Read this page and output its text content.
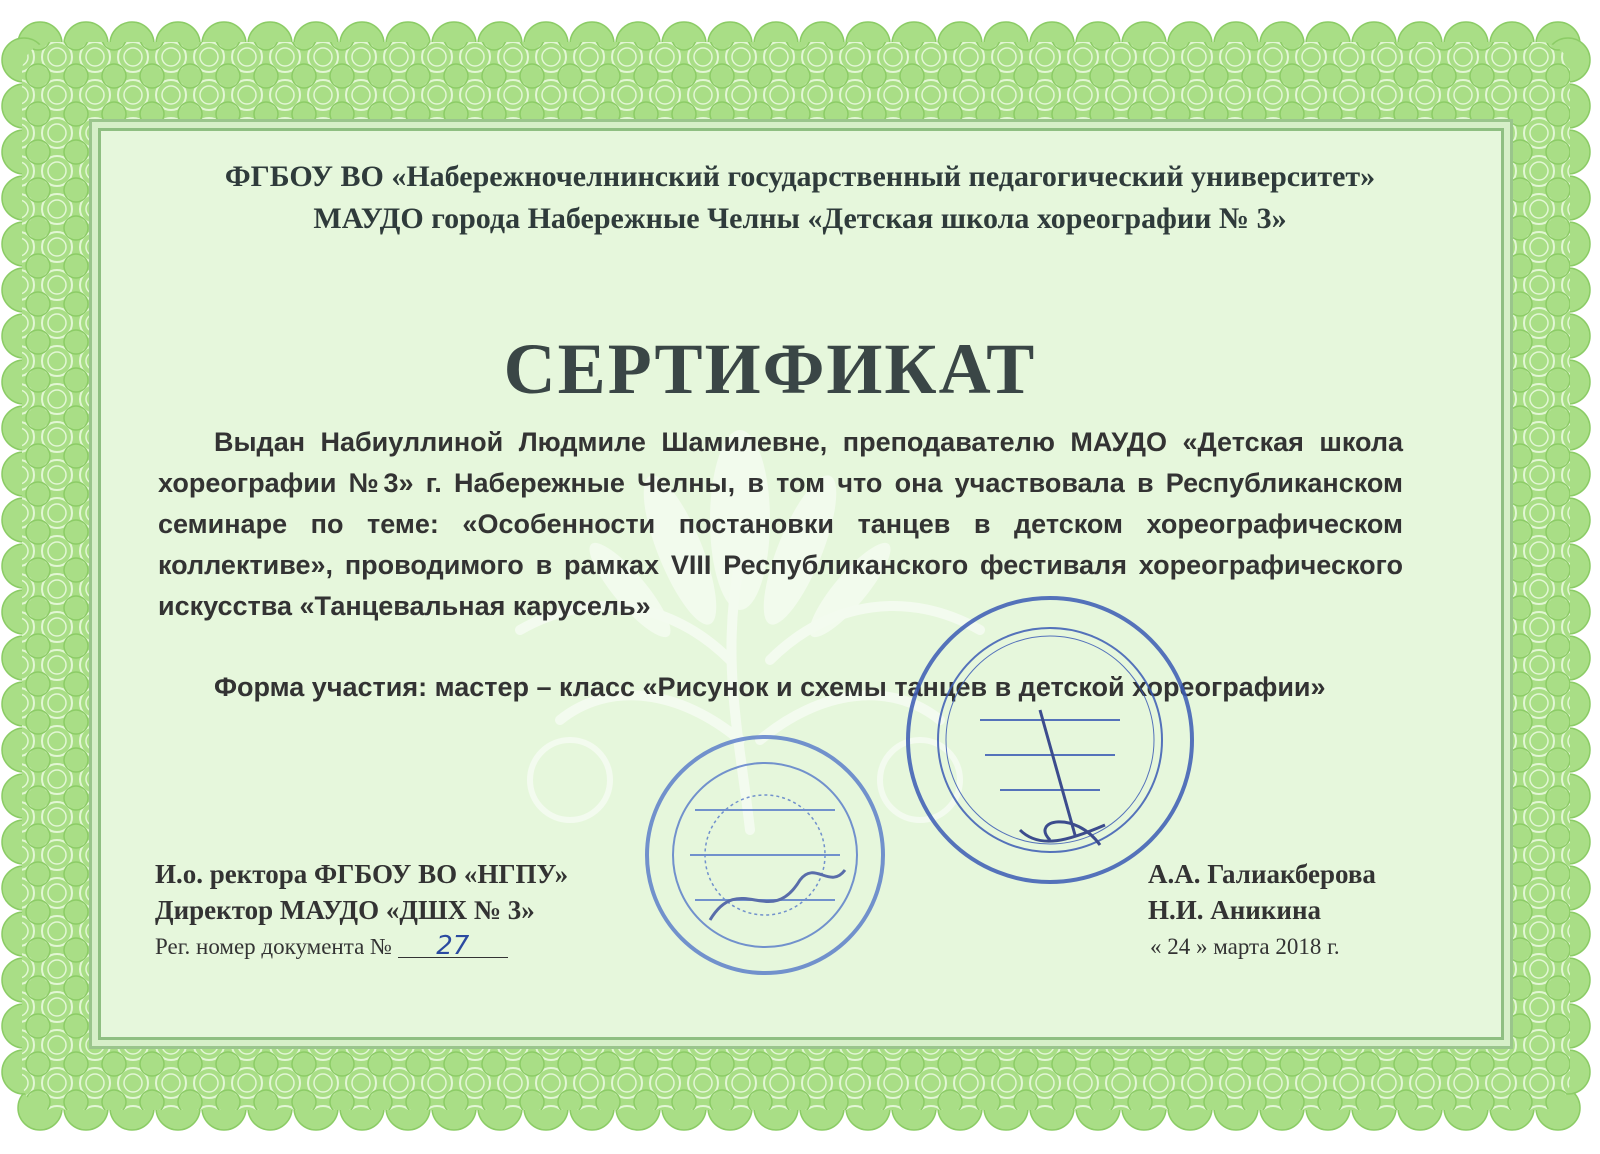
ФГБОУ ВО «Набережночелнинский государственный педагогический университет»
МАУДО города Набережные Челны «Детская школа хореографии № 3»
СЕРТИФИКАТ
Выдан Набиуллиной Людмиле Шамилевне, преподавателю МАУДО «Детская школа хореографии №3» г. Набережные Челны, в том что она участвовала в Республиканском семинаре по теме: «Особенности постановки танцев в детском хореографическом коллективе», проводимого в рамках VIII Республиканского фестиваля хореографического искусства «Танцевальная карусель»
Форма участия: мастер – класс «Рисунок и схемы танцев в детской хореографии»
И.о. ректора ФГБОУ ВО «НГПУ»
Директор МАУДО «ДШХ № 3»
А.А. Галиакберова
Н.И. Аникина
Рег. номер документа № 27	« 24 » марта 2018 г.
